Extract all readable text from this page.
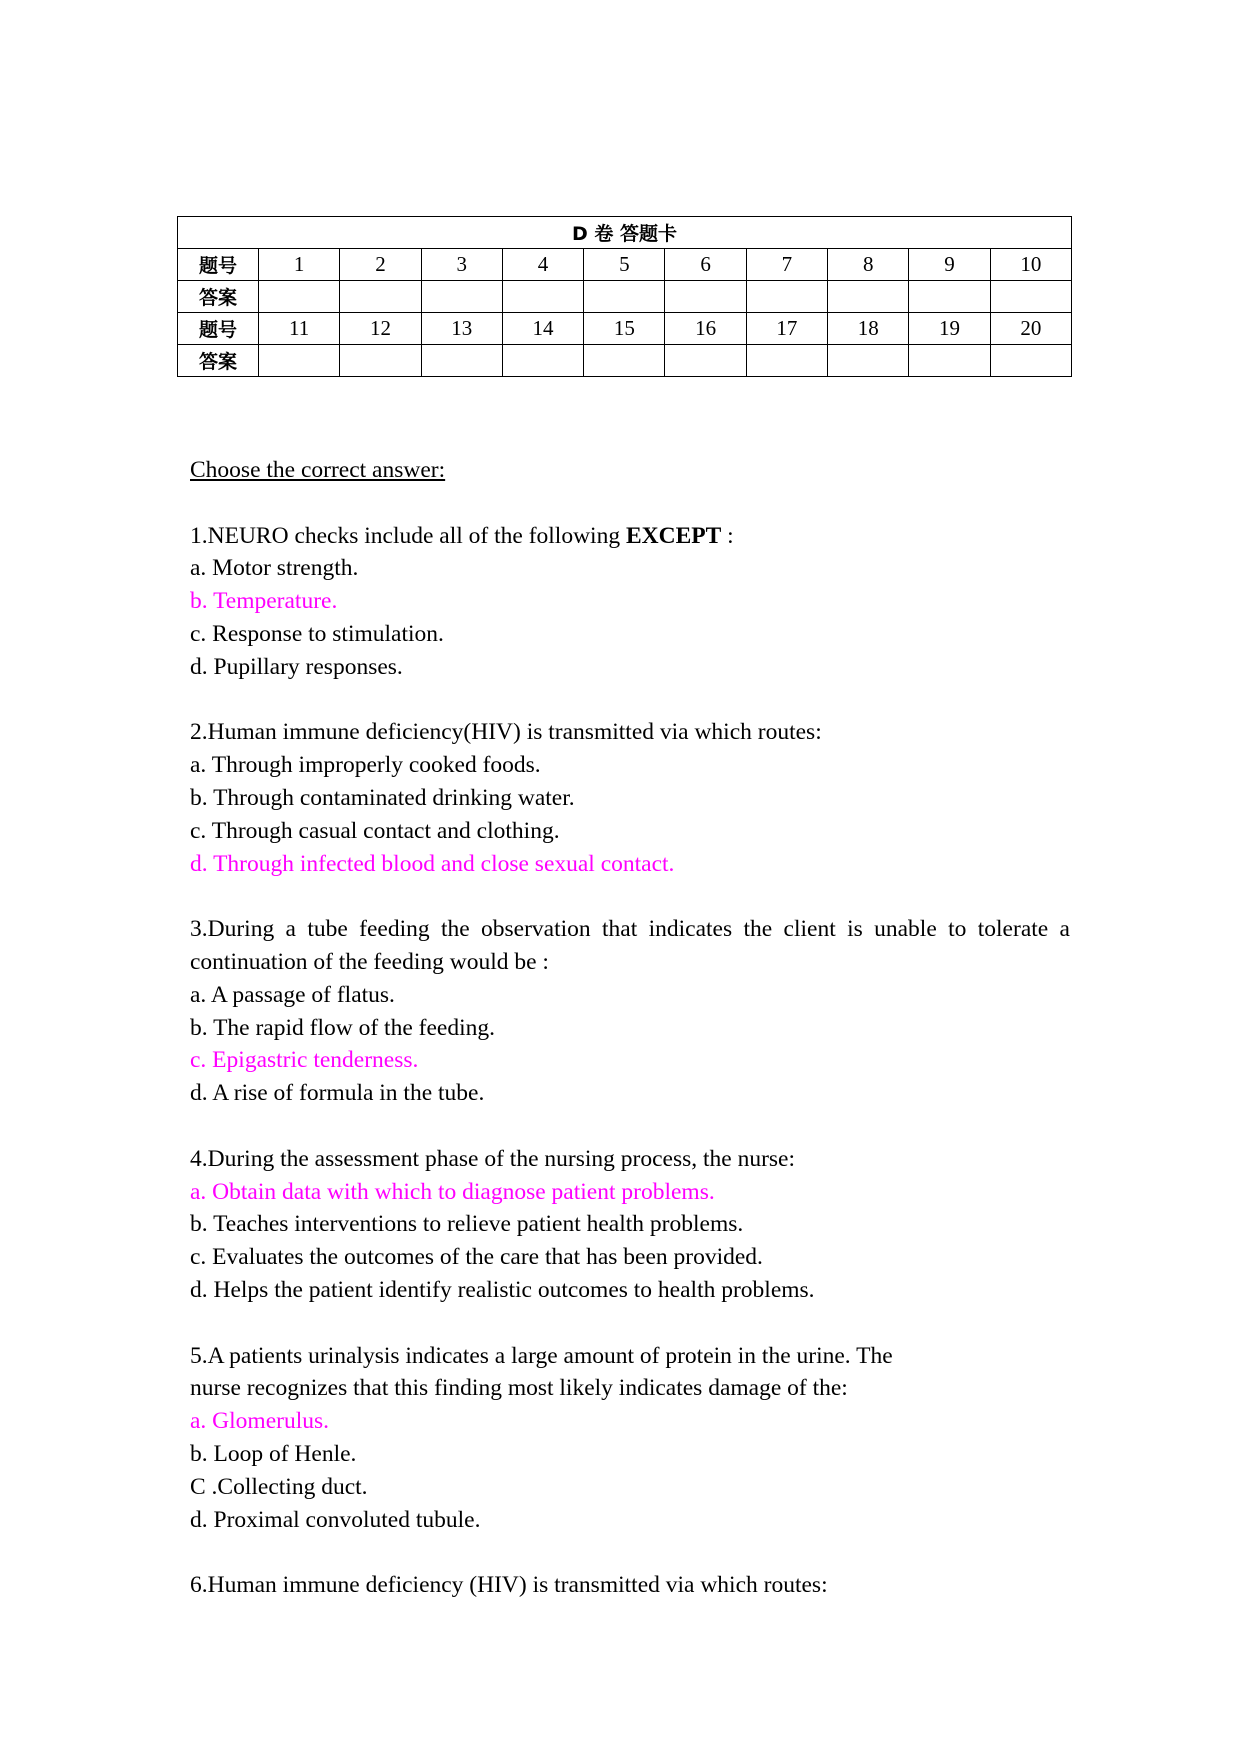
D 卷 答题卡										
题号	1	2	3	4	5	6	7	8	9	10
答案										
题号	11	12	13	14	15	16	17	18	19	20
答案										

Choose the correct answer:

1.NEURO checks include all of the following EXCEPT :

a. Motor strength.

b. Temperature.

c. Response to stimulation.

d. Pupillary responses.

2.Human immune deficiency(HIV) is transmitted via which routes:

a. Through improperly cooked foods.

b. Through contaminated drinking water.

c. Through casual contact and clothing.

d. Through infected blood and close sexual contact.

3.During a tube feeding the observation that indicates the client is unable to tolerate a continuation of the feeding would be :

a. A passage of flatus.

b. The rapid flow of the feeding.

c. Epigastric tenderness.

d. A rise of formula in the tube.

4.During the assessment phase of the nursing process, the nurse:

a. Obtain data with which to diagnose patient problems.

b. Teaches interventions to relieve patient health problems.

c. Evaluates the outcomes of the care that has been provided.

d. Helps the patient identify realistic outcomes to health problems.

5.A patients urinalysis indicates a large amount of protein in the urine. The

nurse recognizes that this finding most likely indicates damage of the:

a. Glomerulus.

b. Loop of Henle.

C .Collecting duct.

d. Proximal convoluted tubule.

6.Human immune deficiency (HIV) is transmitted via which routes:
